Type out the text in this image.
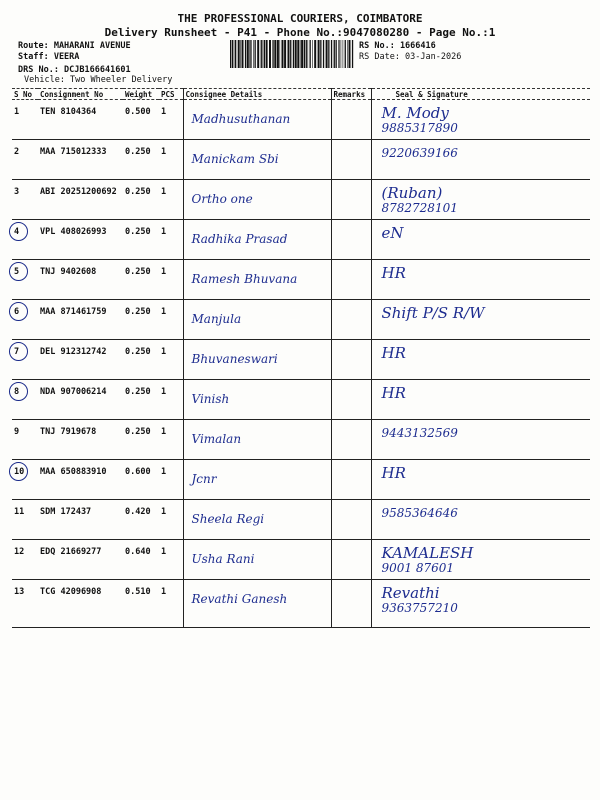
THE PROFESSIONAL COURIERS, COIMBATORE
Delivery Runsheet - P41 - Phone No.:9047080280 - Page No.:1
Route: MAHARANI AVENUE
Staff: VEERA
DRS No.: DCJB166641601
Vehicle: Two Wheeler Delivery
RS No.: 1666416
RS Date: 03-Jan-2026
S No	Consignment No	Weight	PCS	Consignee Details	Remarks	Seal & Signature
1	TEN 8104364	0.500	1	Madhusuthanan		M. Mody
9885317890

2	MAA 715012333	0.250	1	Manickam Sbi		9220639166

3	ABI 20251200692	0.250	1	Ortho one		(Ruban)
8782728101

4	VPL 408026993	0.250	1	Radhika Prasad		eN

5	TNJ 9402608	0.250	1	Ramesh Bhuvana		HR

6	MAA 871461759	0.250	1	Manjula		Shift P/S R/W

7	DEL 912312742	0.250	1	Bhuvaneswari		HR

8	NDA 907006214	0.250	1	Vinish		HR

9	TNJ 7919678	0.250	1	Vimalan		9443132569

10	MAA 650883910	0.600	1	Jcnr		HR

11	SDM 172437	0.420	1	Sheela Regi		9585364646

12	EDQ 21669277	0.640	1	Usha Rani		KAMALESH
9001 87601

13	TCG 42096908	0.510	1	Revathi Ganesh		Revathi
9363757210
